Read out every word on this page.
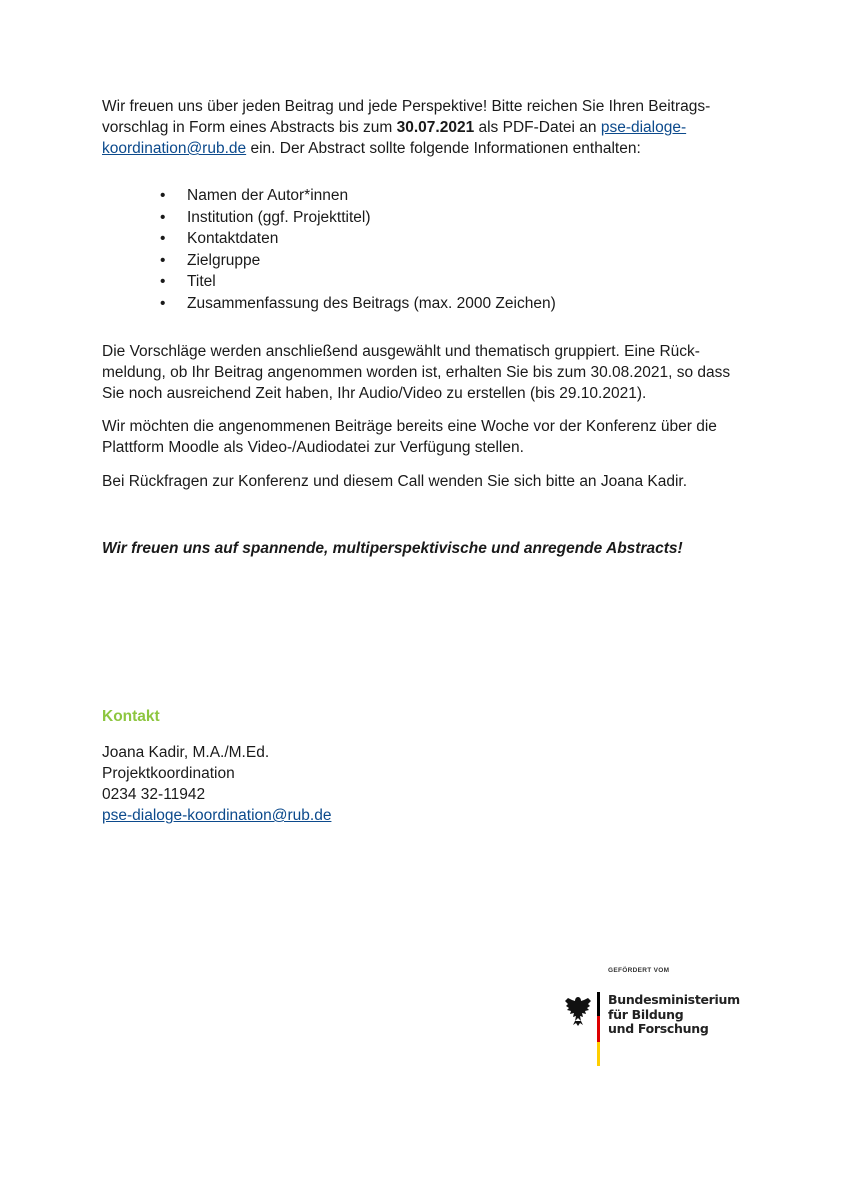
Wir freuen uns über jeden Beitrag und jede Perspektive! Bitte reichen Sie Ihren Beitrags-vorschlag in Form eines Abstracts bis zum 30.07.2021 als PDF-Datei an pse-dialoge-koordination@rub.de ein. Der Abstract sollte folgende Informationen enthalten:

• Namen der Autor*innen
• Institution (ggf. Projekttitel)
• Kontaktdaten
• Zielgruppe
• Titel
• Zusammenfassung des Beitrags (max. 2000 Zeichen)

Die Vorschläge werden anschließend ausgewählt und thematisch gruppiert. Eine Rück-meldung, ob Ihr Beitrag angenommen worden ist, erhalten Sie bis zum 30.08.2021, so dass Sie noch ausreichend Zeit haben, Ihr Audio/Video zu erstellen (bis 29.10.2021).

Wir möchten die angenommenen Beiträge bereits eine Woche vor der Konferenz über die Plattform Moodle als Video-/Audiodatei zur Verfügung stellen.

Bei Rückfragen zur Konferenz und diesem Call wenden Sie sich bitte an Joana Kadir.

Wir freuen uns auf spannende, multiperspektivische und anregende Abstracts!

Kontakt

Joana Kadir, M.A./M.Ed.
Projektkoordination
0234 32-11942
pse-dialoge-koordination@rub.de
GEFÖRDERT VOM
Bundesministerium
für Bildung
und Forschung
